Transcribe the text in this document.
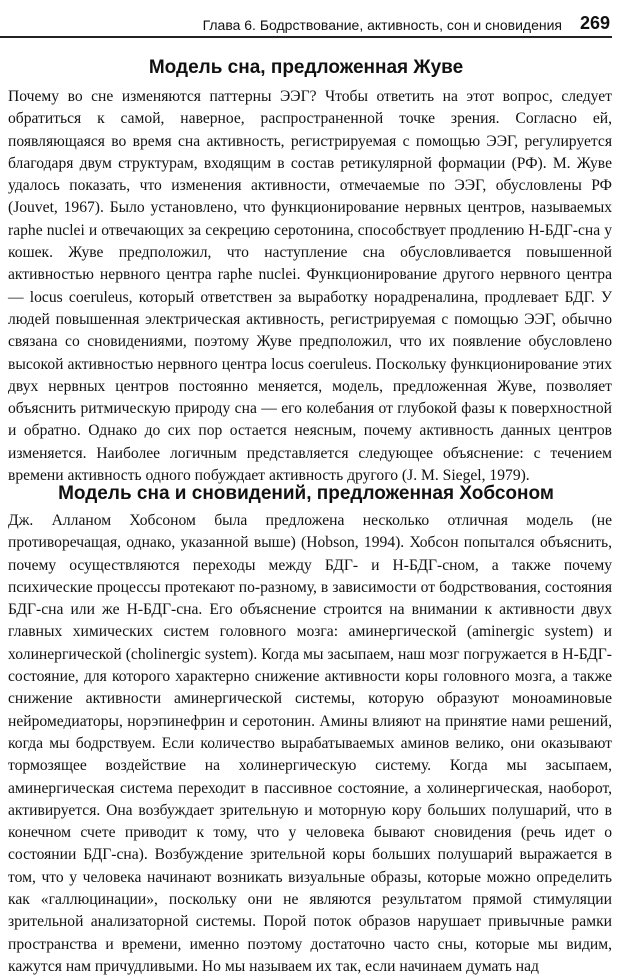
Глава 6. Бодрствование, активность, сон и сновидения 269
Модель сна, предложенная Жуве

Почему во сне изменяются паттерны ЭЭГ? Чтобы ответить на этот вопрос, следует обратиться к самой, наверное, распространенной точке зрения. Согласно ей, появляющаяся во время сна активность, регистрируемая с помощью ЭЭГ, регулируется благодаря двум структурам, входящим в состав ретикулярной формации (РФ). М. Жуве удалось показать, что изменения активности, отмечаемые по ЭЭГ, обусловлены РФ (Jouvet, 1967). Было установлено, что функционирование нервных центров, называемых raphe nuclei и отвечающих за секрецию серотонина, способствует продлению Н-БДГ-сна у кошек. Жуве предположил, что наступление сна обусловливается повышенной активностью нервного центра raphe nuclei. Функционирование другого нервного центра — locus coeruleus, который ответствен за выработку норадреналина, продлевает БДГ. У людей повышенная электрическая активность, регистрируемая с помощью ЭЭГ, обычно связана со сновидениями, поэтому Жуве предположил, что их появление обусловлено высокой активностью нервного центра locus coeruleus. Поскольку функционирование этих двух нервных центров постоянно меняется, модель, предложенная Жуве, позволяет объяснить ритмическую природу сна — его колебания от глубокой фазы к поверхностной и обратно. Однако до сих пор остается неясным, почему активность данных центров изменяется. Наиболее логичным представляется следующее объяснение: с течением времени активность одного побуждает активность другого (J. M. Siegel, 1979).

Модель сна и сновидений, предложенная Хобсоном

Дж. Алланом Хобсоном была предложена несколько отличная модель (не противоречащая, однако, указанной выше) (Hobson, 1994). Хобсон попытался объяснить, почему осуществляются переходы между БДГ- и Н-БДГ-сном, а также почему психические процессы протекают по-разному, в зависимости от бодрствования, состояния БДГ-сна или же Н-БДГ-сна. Его объяснение строится на внимании к активности двух главных химических систем головного мозга: аминергической (aminergic system) и холинергической (cholinergic system). Когда мы засыпаем, наш мозг погружается в Н-БДГ-состояние, для которого характерно снижение активности коры головного мозга, а также снижение активности аминергической системы, которую образуют моноаминовые нейромедиаторы, норэпинефрин и серотонин. Амины влияют на принятие нами решений, когда мы бодрствуем. Если количество вырабатываемых аминов велико, они оказывают тормозящее воздействие на холинергическую систему. Когда мы засыпаем, аминергическая система переходит в пассивное состояние, а холинергическая, наоборот, активируется. Она возбуждает зрительную и моторную кору больших полушарий, что в конечном счете приводит к тому, что у человека бывают сновидения (речь идет о состоянии БДГ-сна). Возбуждение зрительной коры больших полушарий выражается в том, что у человека начинают возникать визуальные образы, которые можно определить как «галлюцинации», поскольку они не являются результатом прямой стимуляции зрительной анализаторной системы. Порой поток образов нарушает привычные рамки пространства и времени, именно поэтому достаточно часто сны, которые мы видим, кажутся нам причудливыми. Но мы называем их так, если начинаем думать над
